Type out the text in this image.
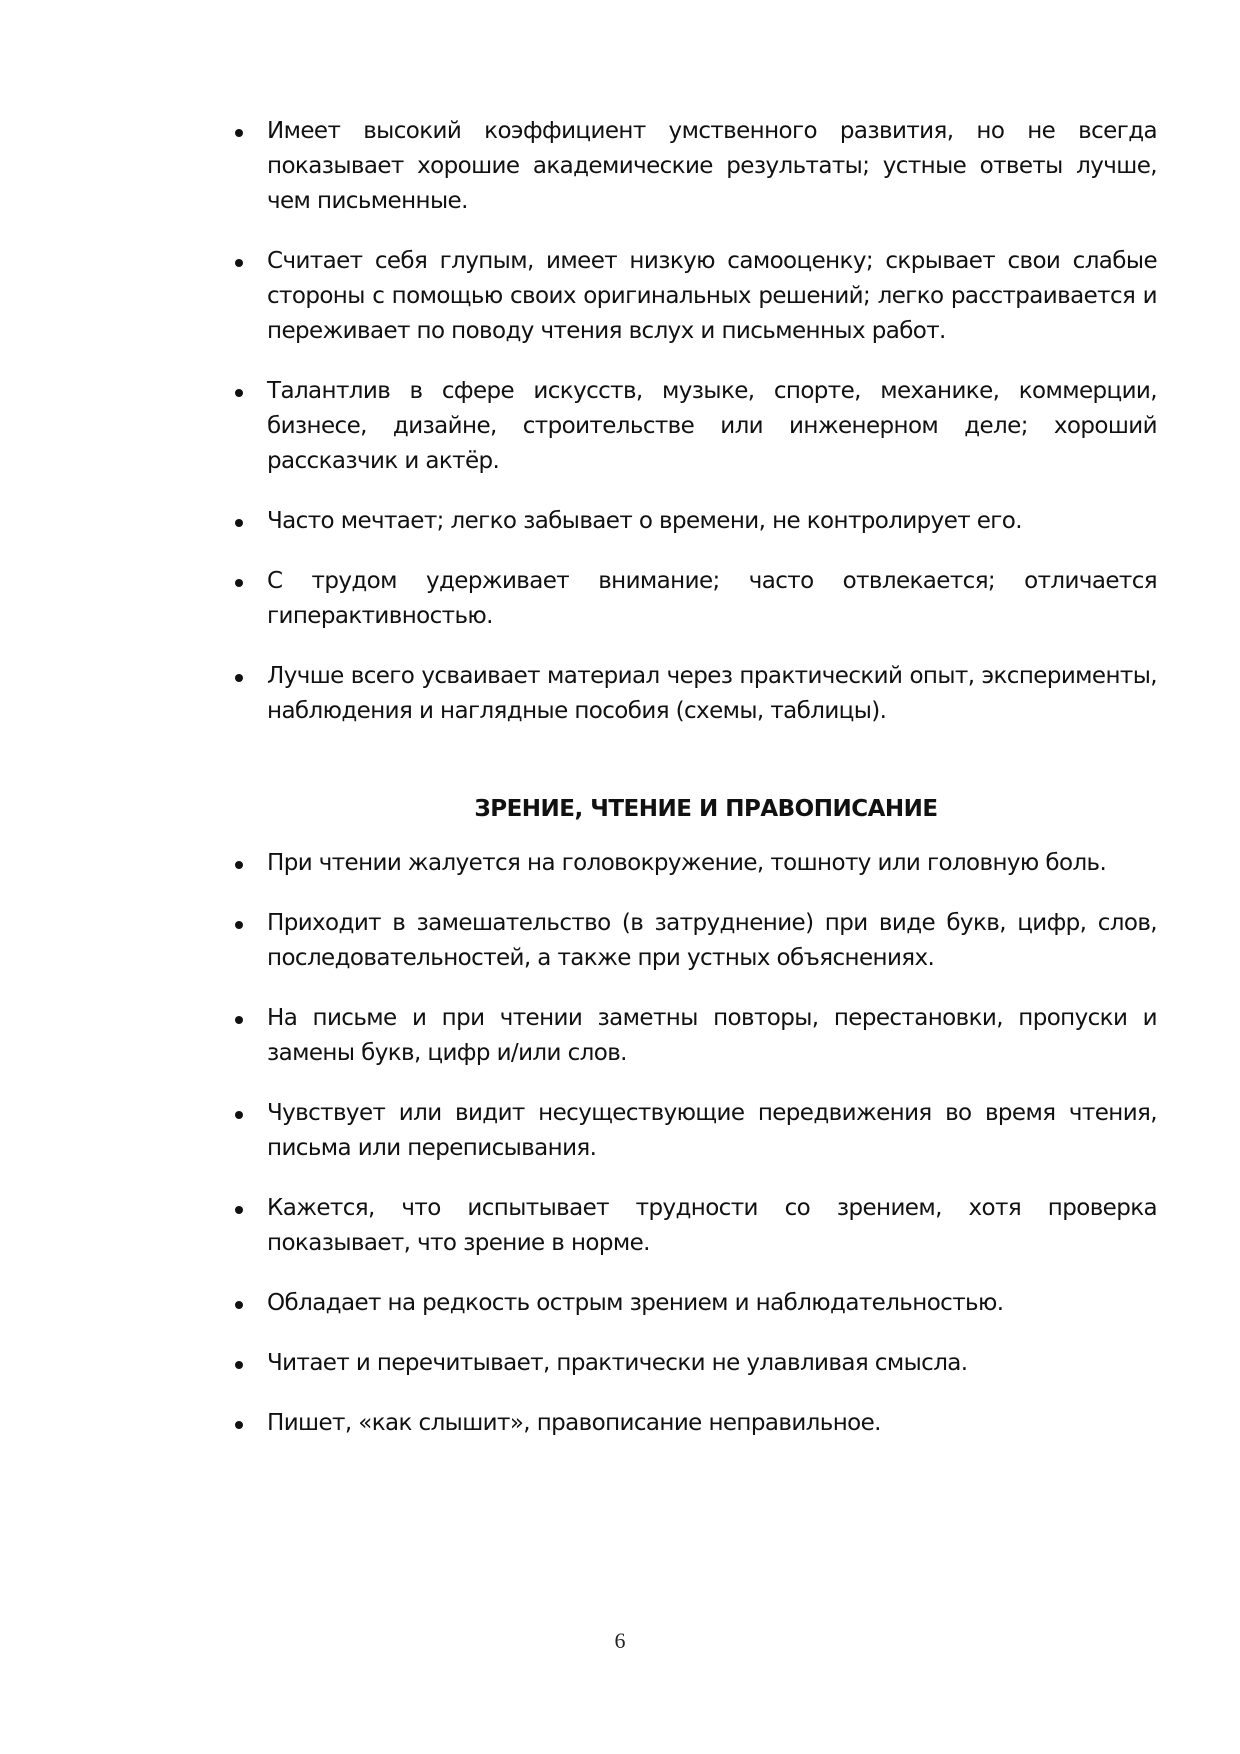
Имеет высокий коэффициент умственного развития, но не всегда показывает хорошие академические результаты; устные ответы лучше, чем письменные.
Считает себя глупым, имеет низкую самооценку; скрывает свои слабые стороны с помощью своих оригинальных решений; легко расстраивается и переживает по поводу чтения вслух и письменных работ.
Талантлив в сфере искусств, музыке, спорте, механике, коммерции, бизнесе, дизайне, строительстве или инженерном деле; хороший рассказчик и актёр.
Часто мечтает; легко забывает о времени, не контролирует его.
С трудом удерживает внимание; часто отвлекается; отличается гиперактивностью.
Лучше всего усваивает материал через практический опыт, эксперименты, наблюдения и наглядные пособия (схемы, таблицы).
ЗРЕНИЕ, ЧТЕНИЕ И ПРАВОПИСАНИЕ
При чтении жалуется на головокружение, тошноту или головную боль.
Приходит в замешательство (в затруднение) при виде букв, цифр, слов, последовательностей, а также при устных объяснениях.
На письме и при чтении заметны повторы, перестановки, пропуски и замены букв, цифр и/или слов.
Чувствует или видит несуществующие передвижения во время чтения, письма или переписывания.
Кажется, что испытывает трудности со зрением, хотя проверка показывает, что зрение в норме.
Обладает на редкость острым зрением и наблюдательностью.
Читает и перечитывает, практически не улавливая смысла.
Пишет, «как слышит», правописание неправильное.
6
